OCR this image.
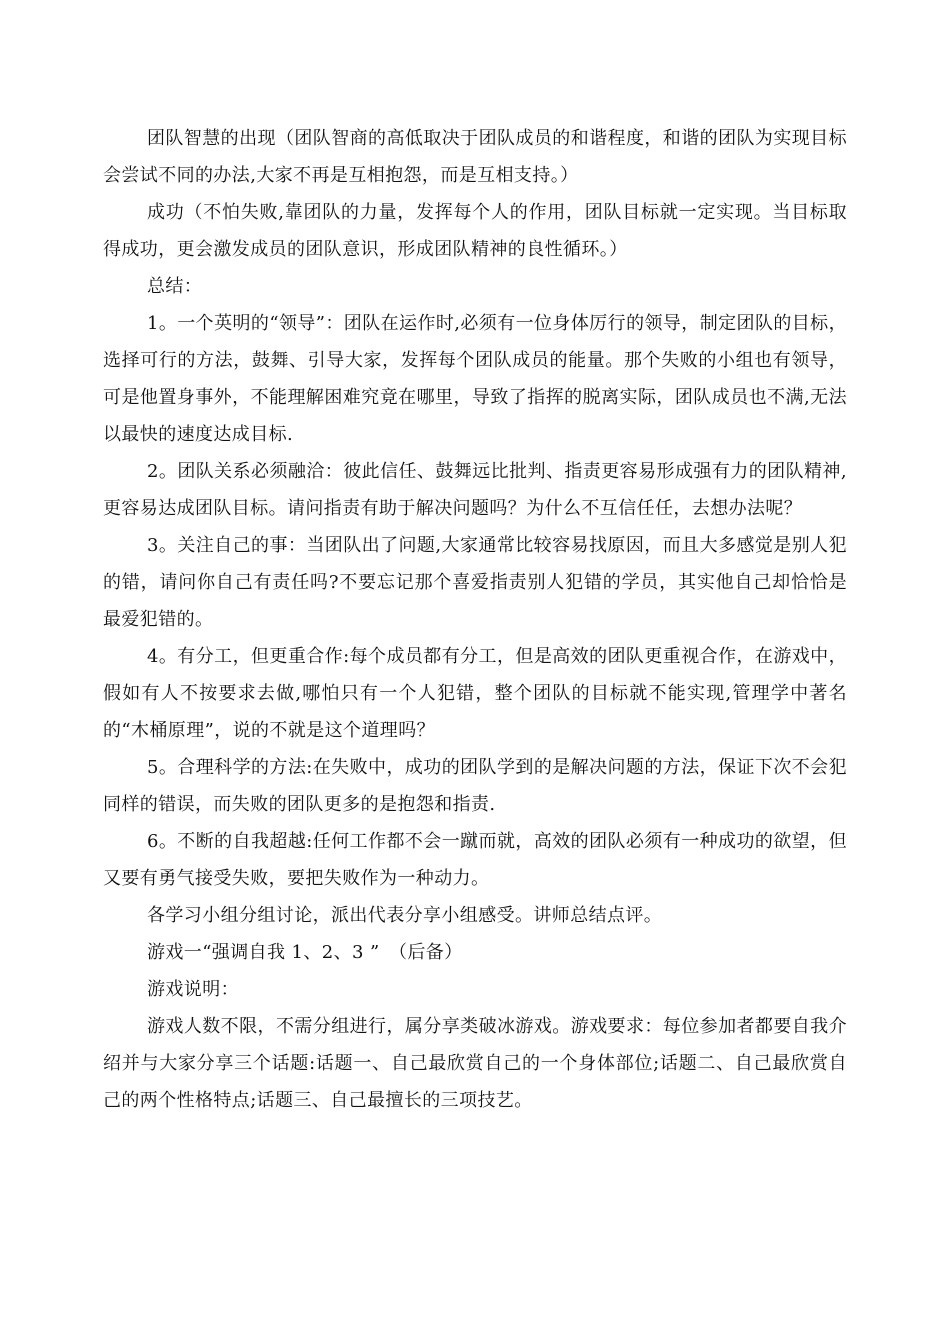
团队智慧的出现（团队智商的高低取决于团队成员的和谐程度，和谐的团队为实现目标会尝试不同的办法,大家不再是互相抱怨，而是互相支持。）

成功（不怕失败,靠团队的力量，发挥每个人的作用，团队目标就一定实现。当目标取得成功，更会激发成员的团队意识，形成团队精神的良性循环。）

总结：

1。一个英明的“领导”：团队在运作时,必须有一位身体厉行的领导，制定团队的目标，选择可行的方法，鼓舞、引导大家，发挥每个团队成员的能量。那个失败的小组也有领导，可是他置身事外，不能理解困难究竟在哪里，导致了指挥的脱离实际，团队成员也不满,无法以最快的速度达成目标.

2。团队关系必须融洽：彼此信任、鼓舞远比批判、指责更容易形成强有力的团队精神,更容易达成团队目标。请问指责有助于解决问题吗？为什么不互信任任，去想办法呢？

3。关注自己的事：当团队出了问题,大家通常比较容易找原因，而且大多感觉是别人犯的错，请问你自己有责任吗?不要忘记那个喜爱指责别人犯错的学员，其实他自己却恰恰是最爱犯错的。

4。有分工，但更重合作:每个成员都有分工，但是高效的团队更重视合作，在游戏中，假如有人不按要求去做,哪怕只有一个人犯错，整个团队的目标就不能实现,管理学中著名的“木桶原理”，说的不就是这个道理吗？

5。合理科学的方法:在失败中，成功的团队学到的是解决问题的方法，保证下次不会犯同样的错误，而失败的团队更多的是抱怨和指责.

6。不断的自我超越:任何工作都不会一蹴而就，高效的团队必须有一种成功的欲望，但又要有勇气接受失败，要把失败作为一种动力。

各学习小组分组讨论，派出代表分享小组感受。讲师总结点评。

游戏一“强调自我 1、2、3 ”　（后备）

游戏说明：

游戏人数不限，不需分组进行，属分享类破冰游戏。游戏要求：每位参加者都要自我介绍并与大家分享三个话题:话题一、自己最欣赏自己的一个身体部位;话题二、自己最欣赏自己的两个性格特点;话题三、自己最擅长的三项技艺。
